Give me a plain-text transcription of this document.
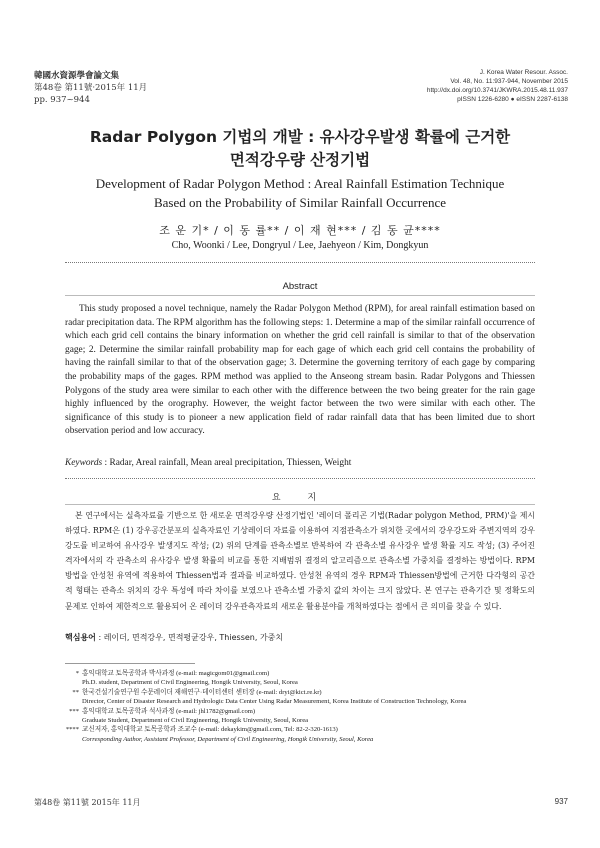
韓國水資源學會論文集
第48卷 第11號·2015年 11月
pp. 937~944
J. Korea Water Resour. Assoc.
Vol. 48, No. 11:937-944, November 2015
http://dx.doi.org/10.3741/JKWRA.2015.48.11.937
pISSN 1226-6280 ● eISSN 2287-6138
Radar Polygon 기법의 개발 : 유사강우발생 확률에 근거한
면적강우량 산정기법
Development of Radar Polygon Method : Areal Rainfall Estimation Technique
Based on the Probability of Similar Rainfall Occurrence
조 운 기* / 이 동 률** / 이 재 현*** / 김 동 균****
Cho, Woonki / Lee, Dongryul / Lee, Jaehyeon / Kim, Dongkyun
Abstract
This study proposed a novel technique, namely the Radar Polygon Method (RPM), for areal rainfall estimation based on radar precipitation data. The RPM algorithm has the following steps: 1. Determine a map of the similar rainfall occurrence of which each grid cell contains the binary information on whether the grid cell rainfall is similar to that of the observation gage; 2. Determine the similar rainfall probability map for each gage of which each grid cell contains the probability of having the rainfall similar to that of the observation gage; 3. Determine the governing territory of each gage by comparing the probability maps of the gages. RPM method was applied to the Anseong stream basin. Radar Polygons and Thiessen Polygons of the study area were similar to each other with the difference between the two being greater for the rain gage highly influenced by the orography. However, the weight factor between the two were similar with each other. The significance of this study is to pioneer a new application field of radar rainfall data that has been limited due to short observation period and low accuracy.
Keywords : Radar, Areal rainfall, Mean areal precipitation, Thiessen, Weight
요 지
본 연구에서는 실측자료를 기반으로 한 새로운 면적강우량 산정기법인 '레이더 폴리곤 기법(Radar polygon Method, PRM)'을 제시하였다. RPM은 (1) 강우공간분포의 실측자료인 기상레이더 자료를 이용하여 지점관측소가 위치한 곳에서의 강우강도와 주변지역의 강우강도를 비교하여 유사강우 발생지도 작성; (2) 위의 단계를 관측소별로 반복하여 각 관측소별 유사강우 발생 확률 지도 작성; (3) 주어진 격자에서의 각 관측소의 유사강우 발생 확률의 비교를 통한 지배범위 결정의 알고리즘으로 관측소별 가중치를 결정하는 방법이다. RPM 방법을 안성천 유역에 적용하여 Thiessen법과 결과를 비교하였다. 안성천 유역의 경우 RPM과 Thiessen방법에 근거한 다각형의 공간적 형태는 관측소 위치의 강우 특성에 따라 차이를 보였으나 관측소별 가중치 값의 차이는 크지 않았다. 본 연구는 관측기간 및 정확도의 문제로 인하여 제한적으로 활용되어 온 레이더 강우관측자료의 새로운 활용분야를 개척하였다는 점에서 큰 의미를 찾을 수 있다.
핵심용어 : 레이더, 면적강우, 면적평균강우, Thiessen, 가중치
* 홍익대학교 토목공학과 박사과정 (e-mail: magicgom01@gmail.com)
Ph.D. student, Department of Civil Engineering, Hongik University, Seoul, Korea
** 한국건설기술연구원 수문레이더 재해연구·데이터센터 센터장 (e-mail: dryi@kict.re.kr)
Director, Center of Disaster Research and Hydrologic Data Center Using Radar Measurement, Korea Institute of Construction Technology, Korea
*** 홍익대학교 토목공학과 석사과정 (e-mail: jhl1782@gmail.com)
Graduate Student, Department of Civil Engineering, Hongik University, Seoul, Korea
**** 교신저자, 홍익대학교 토목공학과 조교수 (e-mail: dekaykim@gmail.com, Tel: 82-2-320-1613)
Corresponding Author, Assistant Professor, Department of Civil Engineering, Hongik University, Seoul, Korea
第48卷 第11號 2015年 11月	937
